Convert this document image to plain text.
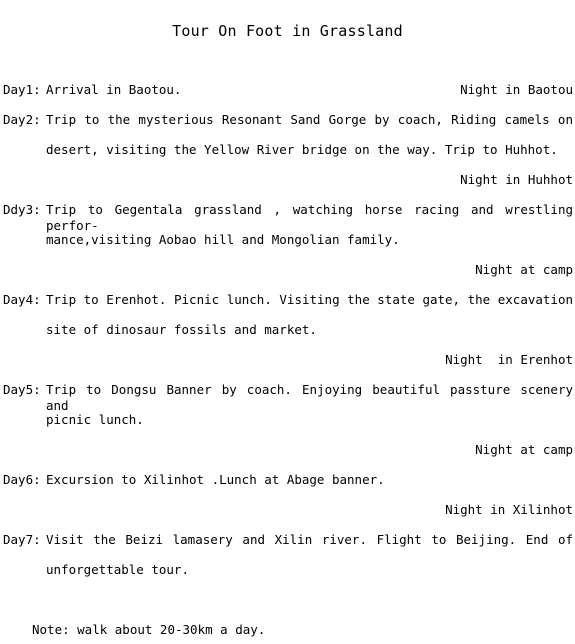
Tour On Foot in Grassland
Day1: Arrival in Baotou.	Night in Baotou
Day2: Trip to the mysterious Resonant Sand Gorge by coach, Riding camels on
desert, visiting the Yellow River bridge on the way. Trip to Huhhot.
Night in Huhhot
Ddy3: Trip to Gegentala grassland , watching horse racing and wrestling perfor-
mance,visiting Aobao hill and Mongolian family.
Night at camp
Day4: Trip to Erenhot. Picnic lunch. Visiting the state gate, the excavation
site of dinosaur fossils and market.
Night  in Erenhot
Day5: Trip to Dongsu Banner by coach. Enjoying beautiful passture scenery and
picnic lunch.
Night at camp
Day6: Excursion to Xilinhot .Lunch at Abage banner.
Night in Xilinhot
Day7: Visit the Beizi lamasery and Xilin river. Flight to Beijing. End of
unforgettable tour.
Note: walk about 20-30km a day.
